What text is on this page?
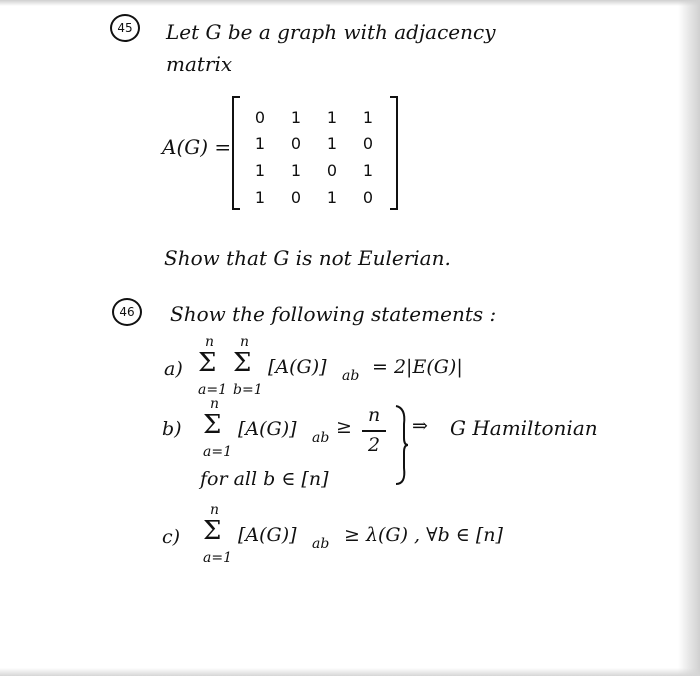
45	Let G be a graph with adjacency
matrix
A(G) =
0	1	1	1
1	0	1	0
1	1	0	1
1	0	1	0
Show that G is not Eulerian.
46	Show the following statements :
a)
n
Σ
a=1
n
Σ
b=1
[A(G)] ab = 2|E(G)|
b)
n
Σ
a=1
[A(G)] ab ≥
n
2
⇒ G Hamiltonian
for all b ∈ [n]
c)
n
Σ
a=1
[A(G)] ab ≥ λ(G) , ∀b ∈ [n]
